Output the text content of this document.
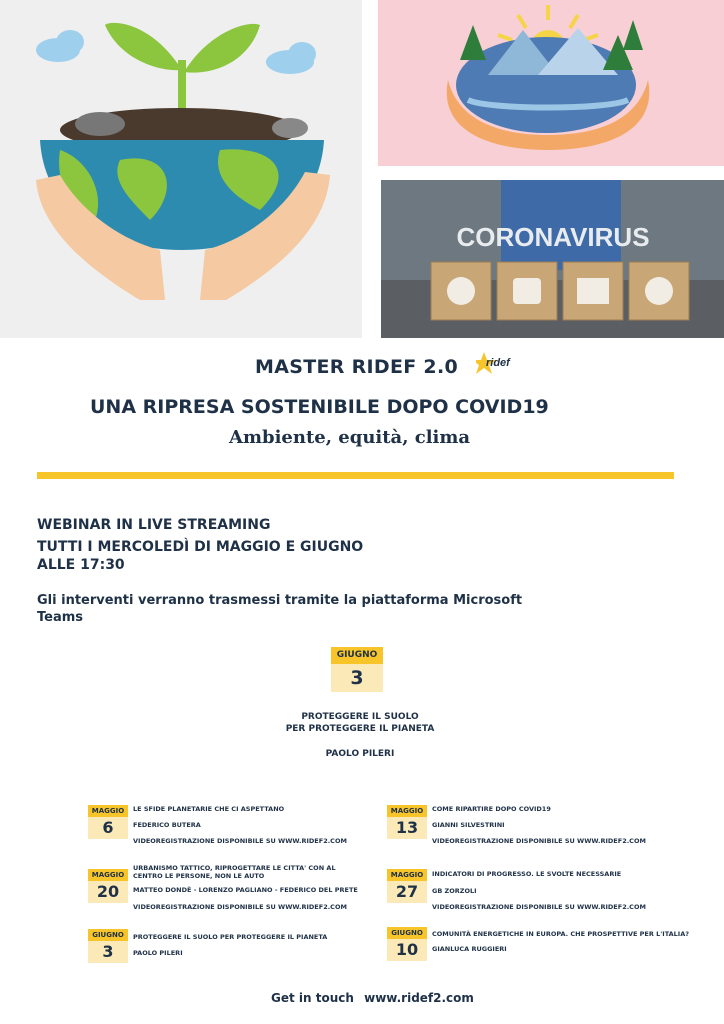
CORONAVIRUS
MASTER RIDEF 2.0	ridef
UNA RIPRESA SOSTENIBILE DOPO COVID19
Ambiente, equità, clima
WEBINAR IN LIVE STREAMING
TUTTI I MERCOLEDÌ DI MAGGIO E GIUGNO
ALLE 17:30
Gli interventi verranno trasmessi tramite la piattaforma Microsoft Teams
GIUGNO
3
PROTEGGERE IL SUOLO
PER PROTEGGERE IL PIANETA
PAOLO PILERI
MAGGIO
6
LE SFIDE PLANETARIE CHE CI ASPETTANO
FEDERICO BUTERA
VIDEOREGISTRAZIONE DISPONIBILE SU WWW.RIDEF2.COM
MAGGIO
20
URBANISMO TATTICO, RIPROGETTARE LE CITTA' CON AL
CENTRO LE PERSONE, NON LE AUTO
MATTEO DONDÈ - LORENZO PAGLIANO - FEDERICO DEL PRETE
VIDEOREGISTRAZIONE DISPONIBILE SU WWW.RIDEF2.COM
GIUGNO
3
PROTEGGERE IL SUOLO PER PROTEGGERE IL PIANETA
PAOLO PILERI
MAGGIO
13
COME RIPARTIRE DOPO COVID19
GIANNI SILVESTRINI
VIDEOREGISTRAZIONE DISPONIBILE SU WWW.RIDEF2.COM
MAGGIO
27
INDICATORI DI PROGRESSO. LE SVOLTE NECESSARIE
GB ZORZOLI
VIDEOREGISTRAZIONE DISPONIBILE SU WWW.RIDEF2.COM
GIUGNO
10
COMUNITÀ ENERGETICHE IN EUROPA. CHE PROSPETTIVE PER L'ITALIA?
GIANLUCA RUGGIERI
Get in touch www.ridef2.com
